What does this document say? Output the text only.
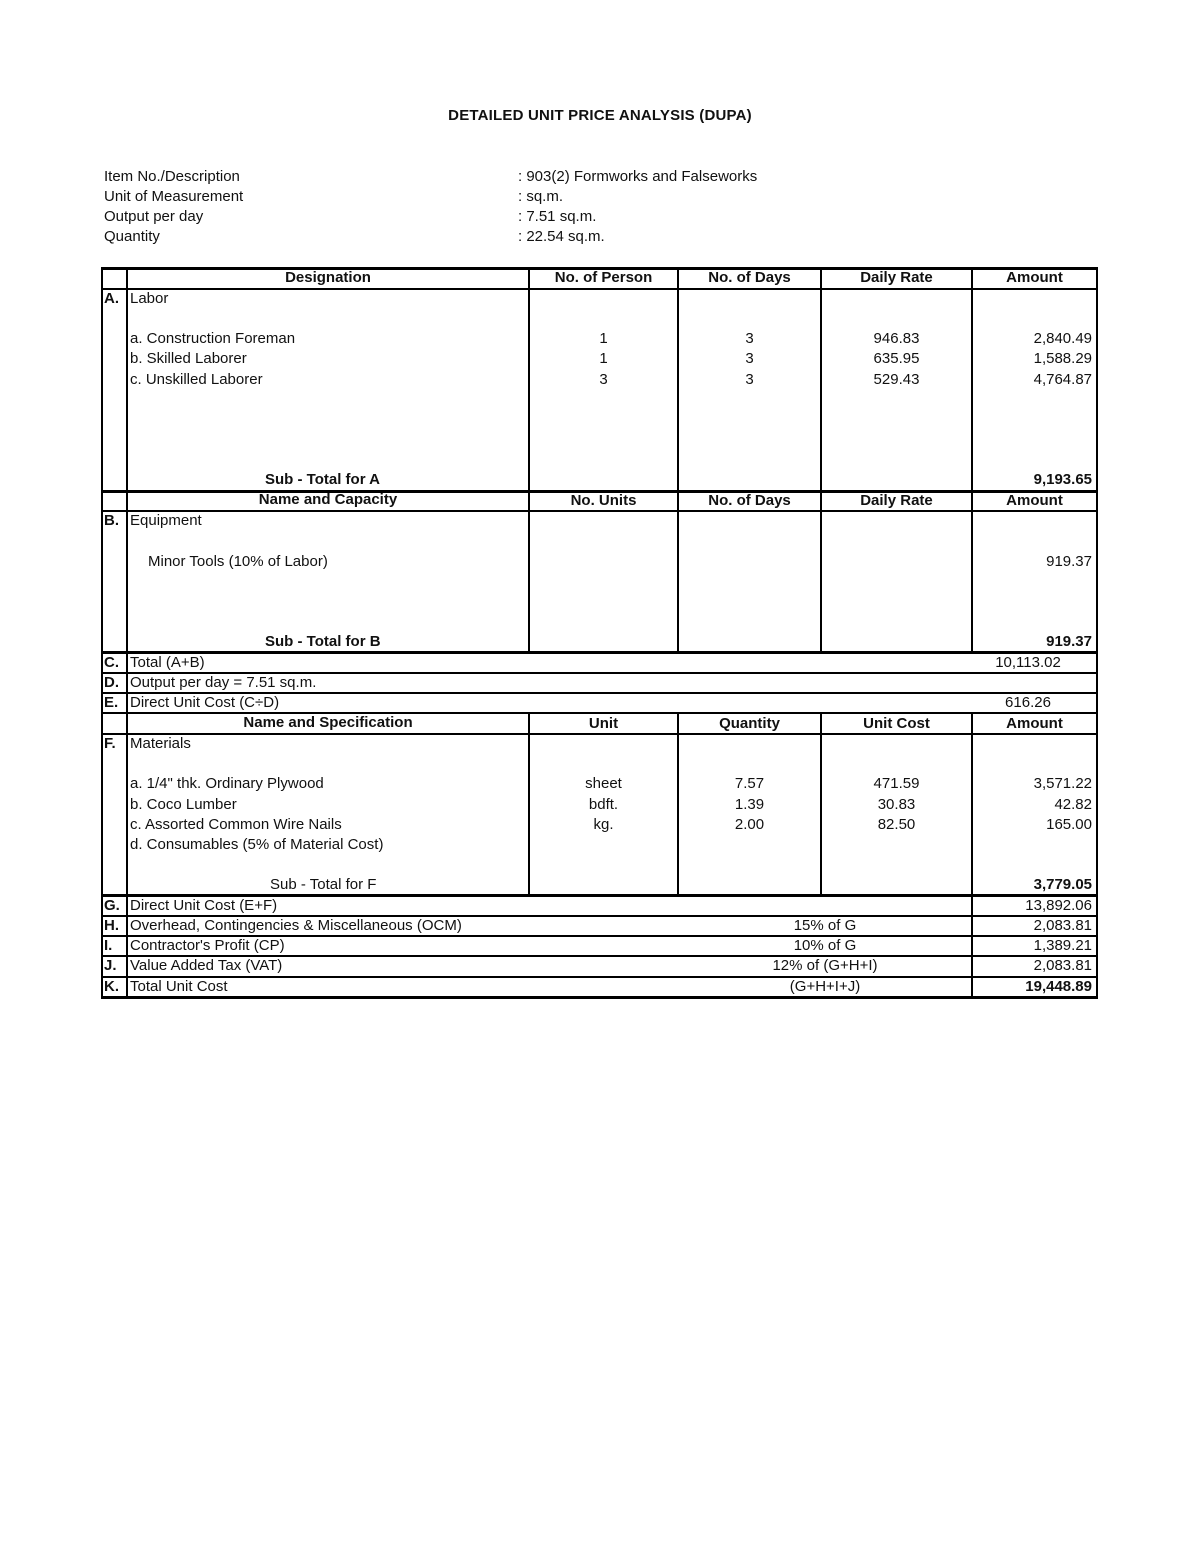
DETAILED UNIT PRICE ANALYSIS (DUPA)
Item No./Description	: 903(2) Formworks and Falseworks
Unit of Measurement	: sq.m.
Output per day	: 7.51 sq.m.
Quantity	: 22.54 sq.m.
Designation	No. of Person	No. of Days	Daily Rate	Amount
A. Labor
a. Construction Foreman	1	3	946.83	2,840.49
b. Skilled Laborer	1	3	635.95	1,588.29
c. Unskilled Laborer	3	3	529.43	4,764.87
Sub - Total for A	9,193.65
Name and Capacity	No. Units	No. of Days	Daily Rate	Amount
B. Equipment
Minor Tools (10% of Labor)	919.37
Sub - Total for B	919.37
C. Total (A+B)	10,113.02
D. Output per day = 7.51 sq.m.
E. Direct Unit Cost (C÷D)	616.26
Name and Specification	Unit	Quantity	Unit Cost	Amount
F. Materials
a. 1/4" thk. Ordinary Plywood	sheet	7.57	471.59	3,571.22
b. Coco Lumber	bdft.	1.39	30.83	42.82
c. Assorted Common Wire Nails	kg.	2.00	82.50	165.00
d. Consumables (5% of Material Cost)
Sub - Total for F	3,779.05
G. Direct Unit Cost (E+F)	13,892.06
H. Overhead, Contingencies & Miscellaneous (OCM)	15% of G	2,083.81
I. Contractor's Profit (CP)	10% of G	1,389.21
J. Value Added Tax (VAT)	12% of (G+H+I)	2,083.81
K. Total Unit Cost	(G+H+I+J)	19,448.89
